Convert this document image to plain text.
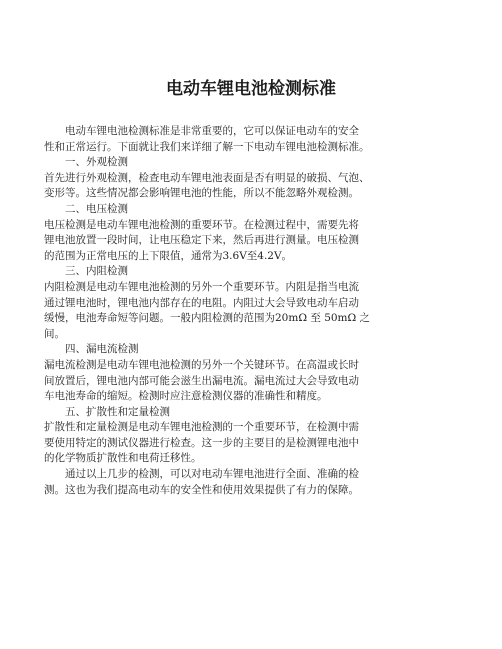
电动车锂电池检测标准
电动车锂电池检测标准是非常重要的，它可以保证电动车的安全
性和正常运行。下面就让我们来详细了解一下电动车锂电池检测标准。
一、外观检测
首先进行外观检测，检查电动车锂电池表面是否有明显的破损、气泡、
变形等。这些情况都会影响锂电池的性能，所以不能忽略外观检测。
二、电压检测
电压检测是电动车锂电池检测的重要环节。在检测过程中，需要先将
锂电池放置一段时间，让电压稳定下来，然后再进行测量。电压检测
的范围为正常电压的上下限值，通常为3.6V至4.2V。
三、内阻检测
内阻检测是电动车锂电池检测的另外一个重要环节。内阻是指当电流
通过锂电池时，锂电池内部存在的电阻。内阻过大会导致电动车启动
缓慢，电池寿命短等问题。一般内阻检测的范围为20mΩ 至 50mΩ 之
间。
四、漏电流检测
漏电流检测是电动车锂电池检测的另外一个关键环节。在高温或长时
间放置后，锂电池内部可能会滋生出漏电流。漏电流过大会导致电动
车电池寿命的缩短。检测时应注意检测仪器的准确性和精度。
五、扩散性和定量检测
扩散性和定量检测是电动车锂电池检测的一个重要环节，在检测中需
要使用特定的测试仪器进行检查。这一步的主要目的是检测锂电池中
的化学物质扩散性和电荷迁移性。
通过以上几步的检测，可以对电动车锂电池进行全面、准确的检
测。这也为我们提高电动车的安全性和使用效果提供了有力的保障。
